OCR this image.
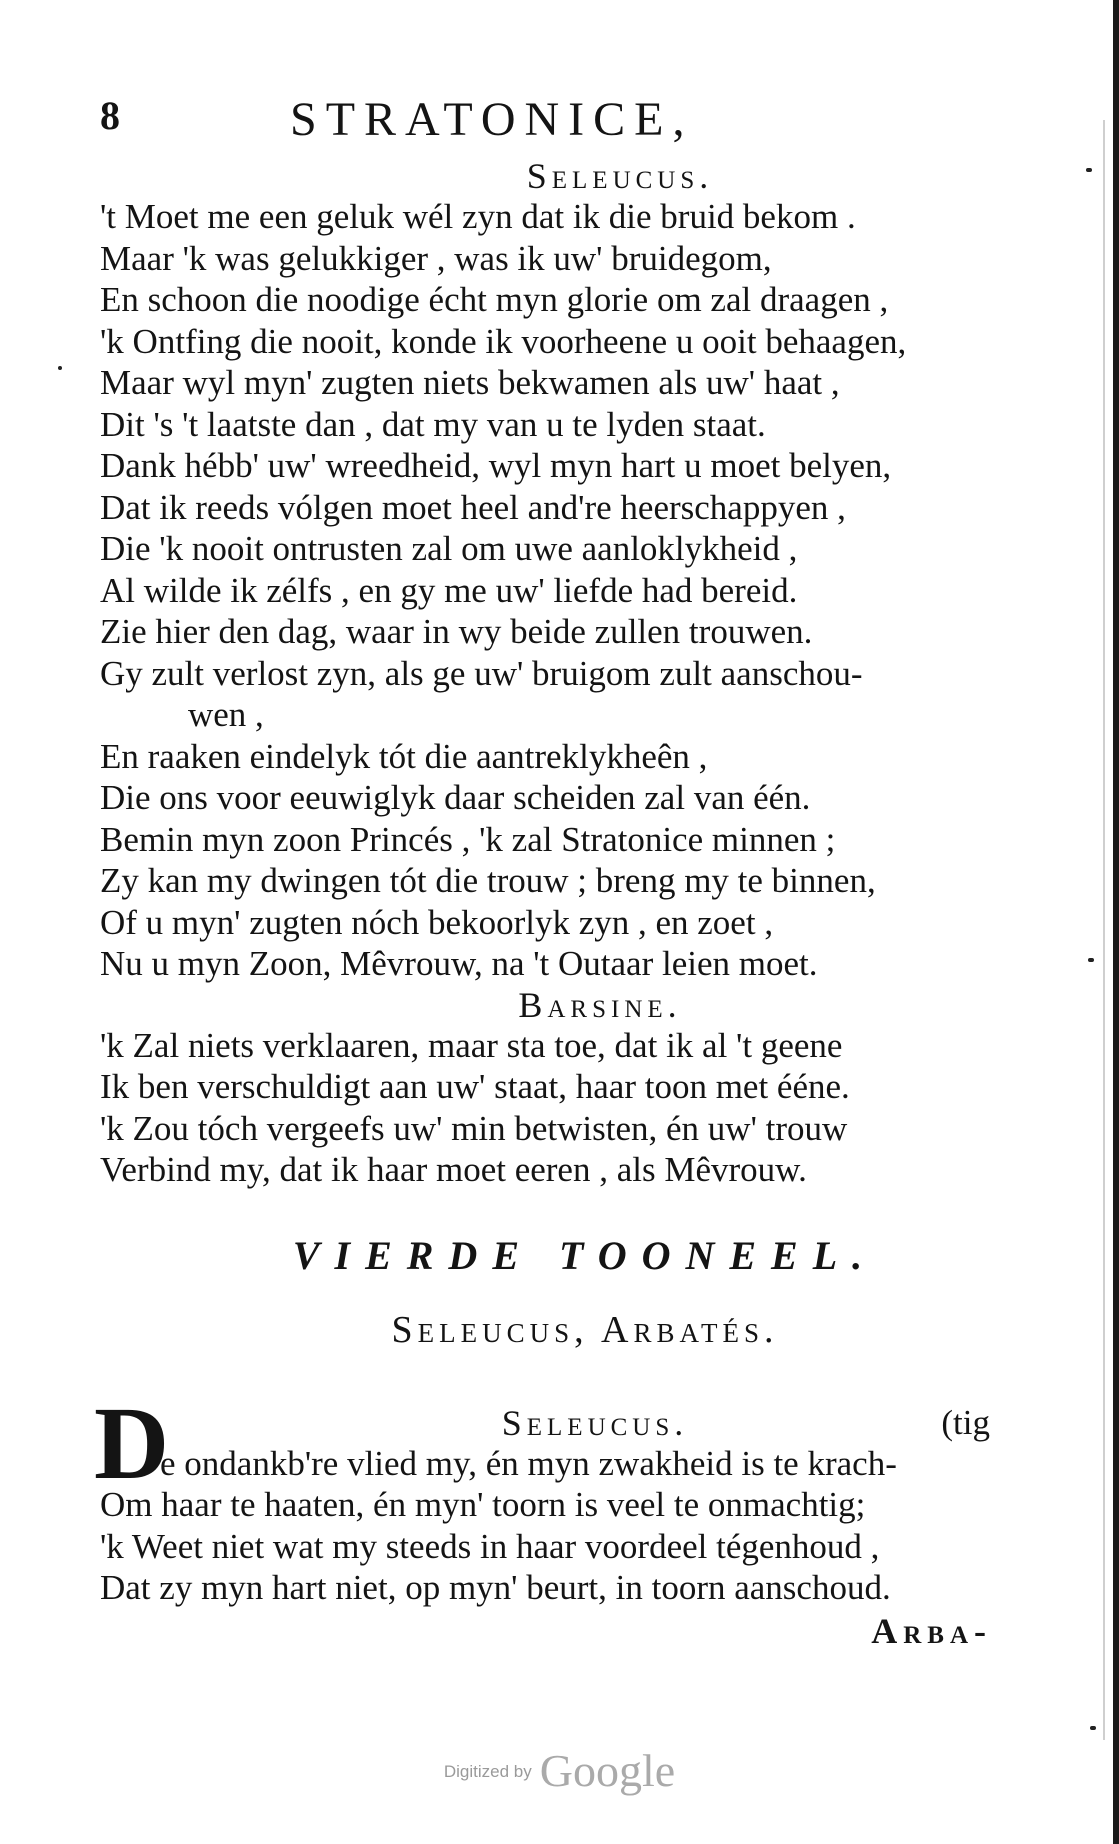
8	STRATONICE,
Seleucus.
't Moet me een geluk wél zyn dat ik die bruid bekom .
Maar 'k was gelukkiger , was ik uw' bruidegom,
En schoon die noodige écht myn glorie om zal draagen ,
'k Ontfing die nooit, konde ik voorheene u ooit behaagen,
Maar wyl myn' zugten niets bekwamen als uw' haat ,
Dit 's 't laatste dan , dat my van u te lyden staat.
Dank hébb' uw' wreedheid, wyl myn hart u moet belyen,
Dat ik reeds vólgen moet heel and're heerschappyen ,
Die 'k nooit ontrusten zal om uwe aanloklykheid ,
Al wilde ik zélfs , en gy me uw' liefde had bereid.
Zie hier den dag, waar in wy beide zullen trouwen.
Gy zult verlost zyn, als ge uw' bruigom zult aanschou-
wen ,
En raaken eindelyk tót die aantreklykheên ,
Die ons voor eeuwiglyk daar scheiden zal van één.
Bemin myn zoon Princés , 'k zal Stratonice minnen ;
Zy kan my dwingen tót die trouw ; breng my te binnen,
Of u myn' zugten nóch bekoorlyk zyn , en zoet ,
Nu u myn Zoon, Mêvrouw, na 't Outaar leien moet.
Barsine.
'k Zal niets verklaaren, maar sta toe, dat ik al 't geene
Ik ben verschuldigt aan uw' staat, haar toon met ééne.
'k Zou tóch vergeefs uw' min betwisten, én uw' trouw
Verbind my, dat ik haar moet eeren , als Mêvrouw.
VIERDE TOONEEL.
Seleucus, Arbatés.
D	Seleucus.	(tig
e ondankb're vlied my, én myn zwakheid is te krach-
Om haar te haaten, én myn' toorn is veel te onmachtig;
'k Weet niet wat my steeds in haar voordeel tégenhoud ,
Dat zy myn hart niet, op myn' beurt, in toorn aanschoud.
Arba-
Digitized by Google
